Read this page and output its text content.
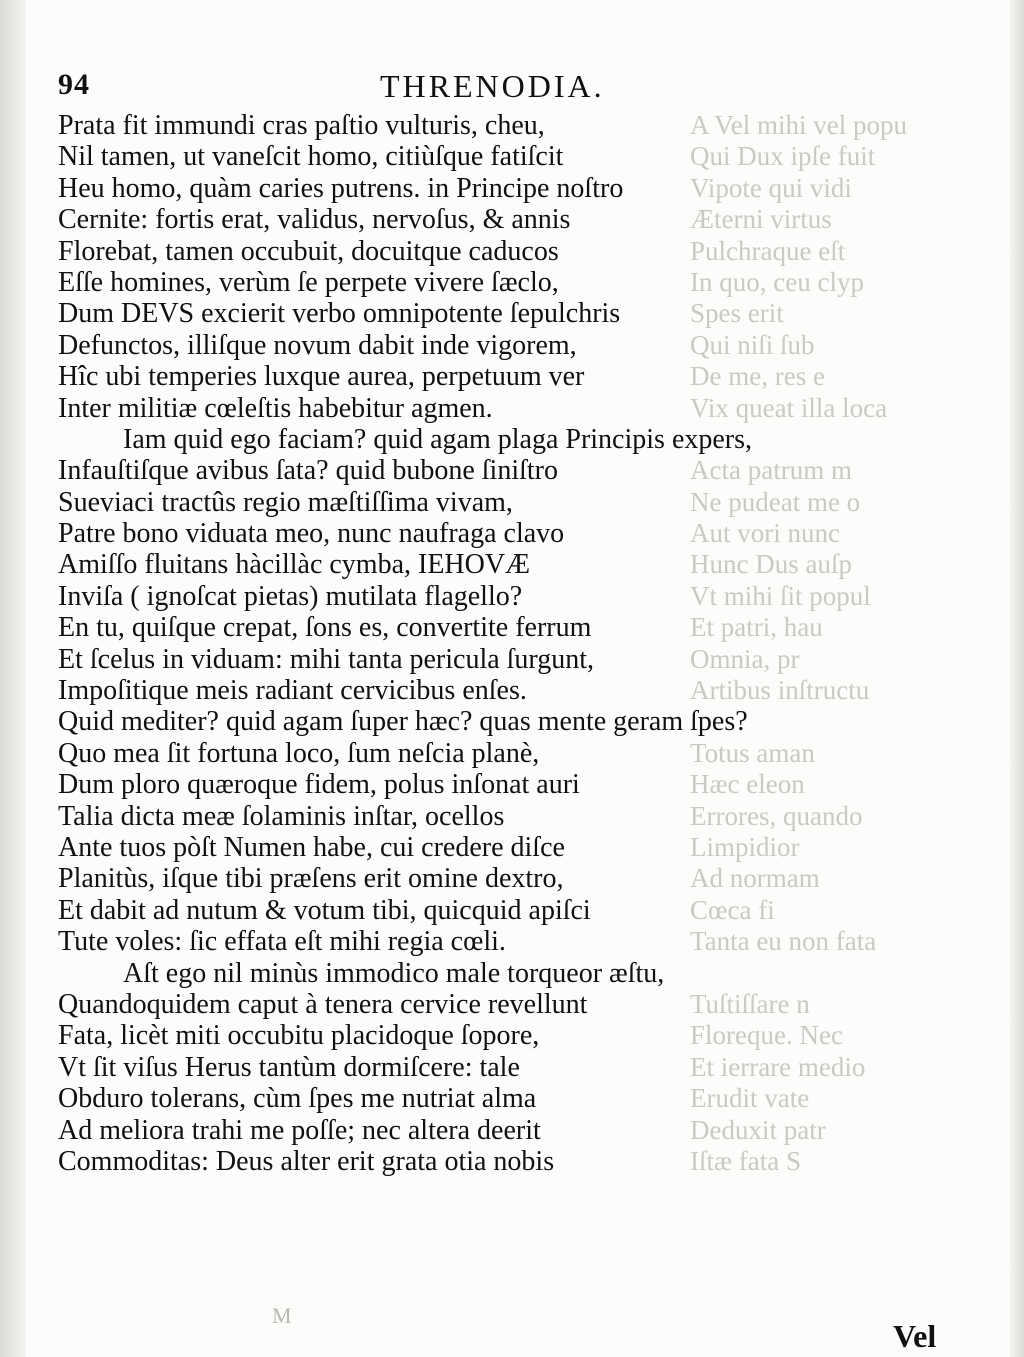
A Vel mihi vel popu
Qui Dux ipſe fuit
Vipote qui vidi
Æterni virtus
Pulchraque eſt
In quo, ceu clyp
Spes erit
Qui niſi ſub
De me, res e
Vix queat illa loca
Acta patrum m
Ne pudeat me o
Aut vori nunc
Hunc Dus auſp
Vt mihi ſit popul
Et patri, hau
Omnia, pr
Artibus inſtructu
Totus aman
Hæc eleon
Errores, quando
Limpidior
Ad normam
Cœca fi
Tanta eu non fata
Tuſtiſſare n
Floreque. Nec
Et ierrare medio
Erudit vate
Deduxit patr
Iſtæ fata S
94	THRENODIA.
Prata fit immundi cras paſtio vulturis, cheu,
Nil tamen, ut vaneſcit homo, citiùſque fatiſcit
Heu homo, quàm caries putrens. in Principe noſtro
Cernite: fortis erat, validus, nervoſus, & annis
Florebat, tamen occubuit, docuitque caducos
Eſſe homines, verùm ſe perpete vivere ſæclo,
Dum DEVS excierit verbo omnipotente ſepulchris
Defunctos, illiſque novum dabit inde vigorem,
Hîc ubi temperies luxque aurea, perpetuum ver
Inter militiæ cœleſtis habebitur agmen.
Iam quid ego faciam? quid agam plaga Principis expers,
Infauſtiſque avibus ſata? quid bubone ſiniſtro
Sueviaci tractûs regio mæſtiſſima vivam,
Patre bono viduata meo, nunc naufraga clavo
Amiſſo fluitans hàcillàc cymba, IEHOVÆ
Inviſa ( ignoſcat pietas) mutilata flagello?
En tu, quiſque crepat, ſons es, convertite ferrum
Et ſcelus in viduam: mihi tanta pericula ſurgunt,
Impoſitique meis radiant cervicibus enſes.
Quid mediter? quid agam ſuper hæc? quas mente geram ſpes?
Quo mea ſit fortuna loco, ſum neſcia planè,
Dum ploro quæroque fidem, polus inſonat auri
Talia dicta meæ ſolaminis inſtar, ocellos
Ante tuos pòſt Numen habe, cui credere diſce
Planitùs, iſque tibi præſens erit omine dextro,
Et dabit ad nutum & votum tibi, quicquid apiſci
Tute voles: ſic effata eſt mihi regia cœli.
Aſt ego nil minùs immodico male torqueor æſtu,
Quandoquidem caput à tenera cervice revellunt
Fata, licèt miti occubitu placidoque ſopore,
Vt ſit viſus Herus tantùm dormiſcere: tale
Obduro tolerans, cùm ſpes me nutriat alma
Ad meliora trahi me poſſe; nec altera deerit
Commoditas: Deus alter erit grata otia nobis
M
Vel
